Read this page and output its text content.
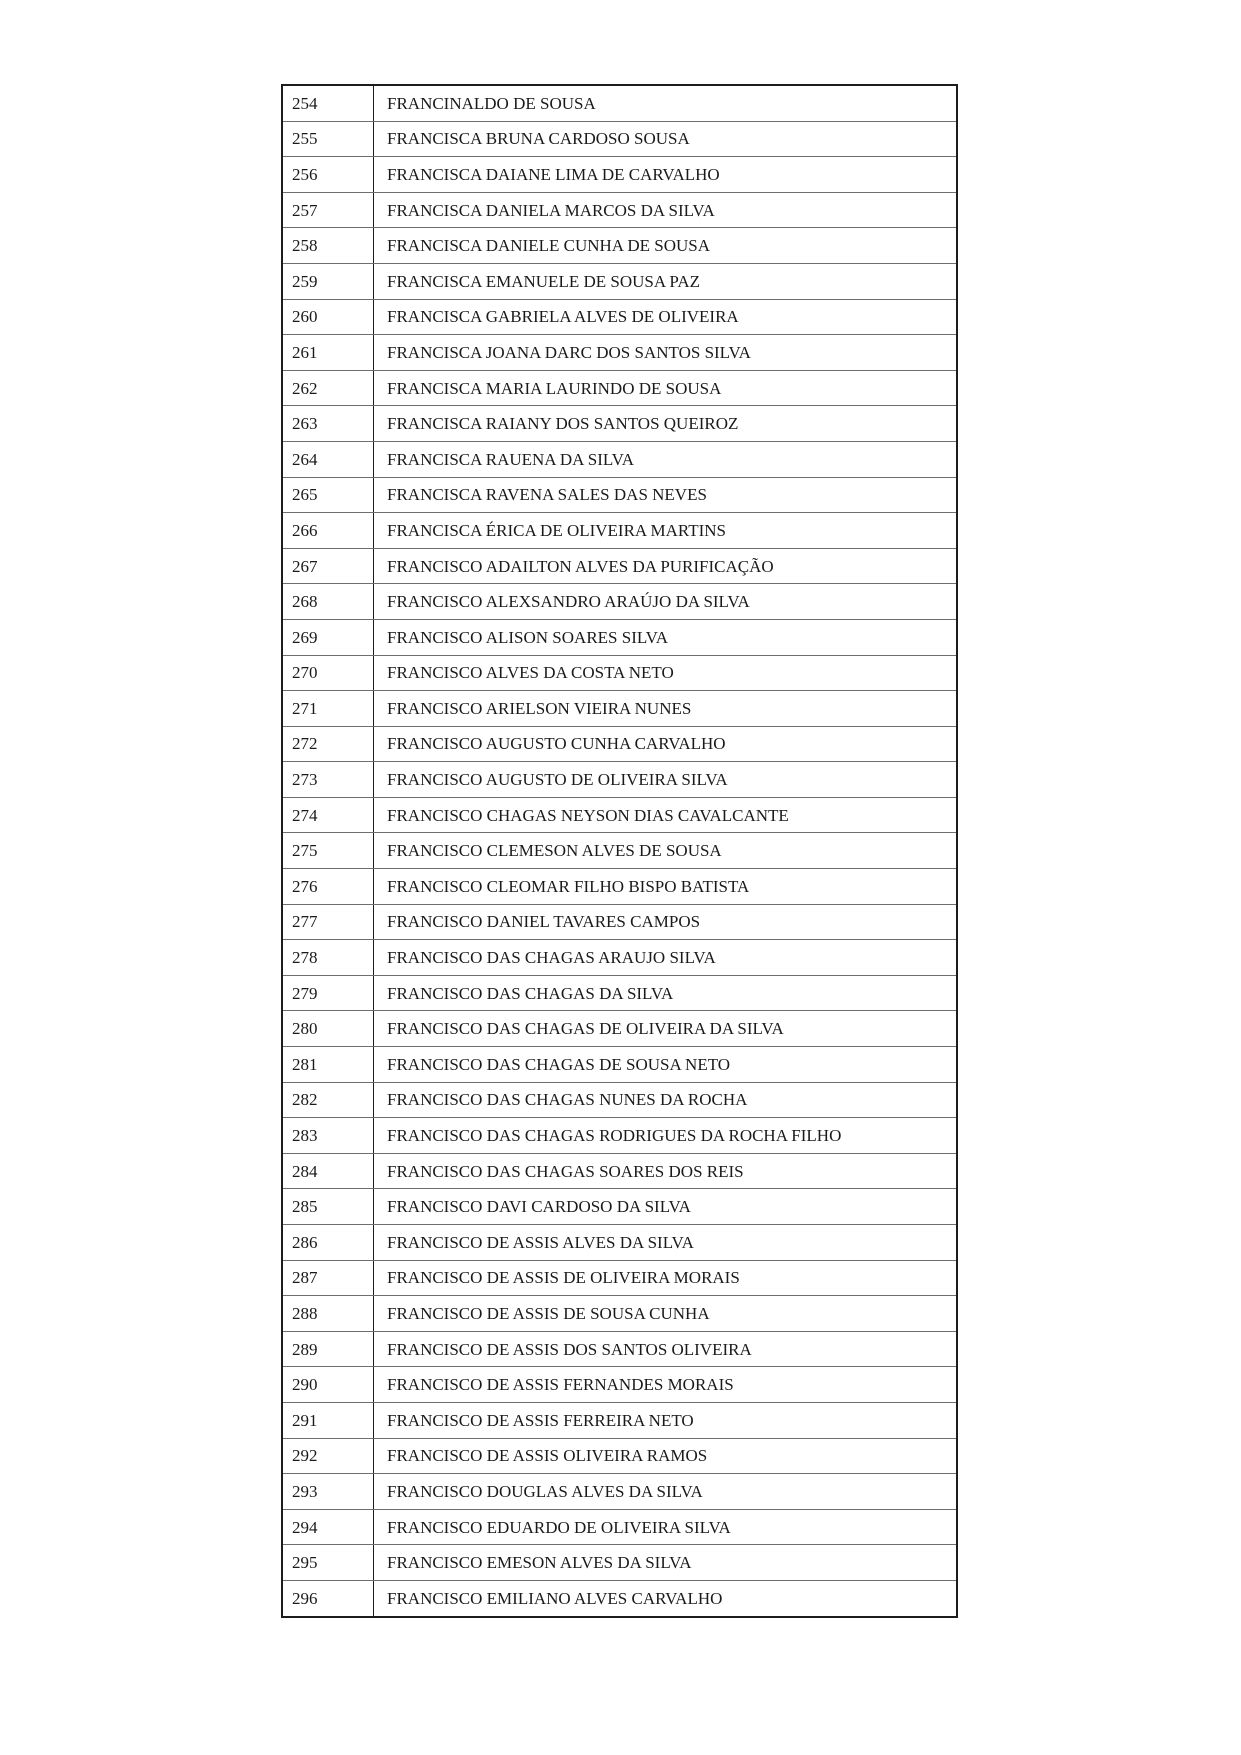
254	FRANCINALDO DE SOUSA
255	FRANCISCA BRUNA CARDOSO SOUSA
256	FRANCISCA DAIANE LIMA DE CARVALHO
257	FRANCISCA DANIELA MARCOS DA SILVA
258	FRANCISCA DANIELE CUNHA DE SOUSA
259	FRANCISCA EMANUELE DE SOUSA PAZ
260	FRANCISCA GABRIELA ALVES DE OLIVEIRA
261	FRANCISCA JOANA DARC DOS SANTOS SILVA
262	FRANCISCA MARIA LAURINDO DE SOUSA
263	FRANCISCA RAIANY DOS SANTOS QUEIROZ
264	FRANCISCA RAUENA DA SILVA
265	FRANCISCA RAVENA SALES DAS NEVES
266	FRANCISCA ÉRICA DE OLIVEIRA MARTINS
267	FRANCISCO ADAILTON ALVES DA PURIFICAÇÃO
268	FRANCISCO ALEXSANDRO ARAÚJO DA SILVA
269	FRANCISCO ALISON SOARES SILVA
270	FRANCISCO ALVES DA COSTA NETO
271	FRANCISCO ARIELSON VIEIRA NUNES
272	FRANCISCO AUGUSTO CUNHA CARVALHO
273	FRANCISCO AUGUSTO DE OLIVEIRA SILVA
274	FRANCISCO CHAGAS NEYSON DIAS CAVALCANTE
275	FRANCISCO CLEMESON ALVES DE SOUSA
276	FRANCISCO CLEOMAR FILHO BISPO BATISTA
277	FRANCISCO DANIEL TAVARES CAMPOS
278	FRANCISCO DAS CHAGAS ARAUJO SILVA
279	FRANCISCO DAS CHAGAS DA SILVA
280	FRANCISCO DAS CHAGAS DE OLIVEIRA DA SILVA
281	FRANCISCO DAS CHAGAS DE SOUSA NETO
282	FRANCISCO DAS CHAGAS NUNES DA ROCHA
283	FRANCISCO DAS CHAGAS RODRIGUES DA ROCHA FILHO
284	FRANCISCO DAS CHAGAS SOARES DOS REIS
285	FRANCISCO DAVI CARDOSO DA SILVA
286	FRANCISCO DE ASSIS ALVES DA SILVA
287	FRANCISCO DE ASSIS DE OLIVEIRA MORAIS
288	FRANCISCO DE ASSIS DE SOUSA CUNHA
289	FRANCISCO DE ASSIS DOS SANTOS OLIVEIRA
290	FRANCISCO DE ASSIS FERNANDES MORAIS
291	FRANCISCO DE ASSIS FERREIRA NETO
292	FRANCISCO DE ASSIS OLIVEIRA RAMOS
293	FRANCISCO DOUGLAS ALVES DA SILVA
294	FRANCISCO EDUARDO DE OLIVEIRA SILVA
295	FRANCISCO EMESON ALVES DA SILVA
296	FRANCISCO EMILIANO ALVES CARVALHO
